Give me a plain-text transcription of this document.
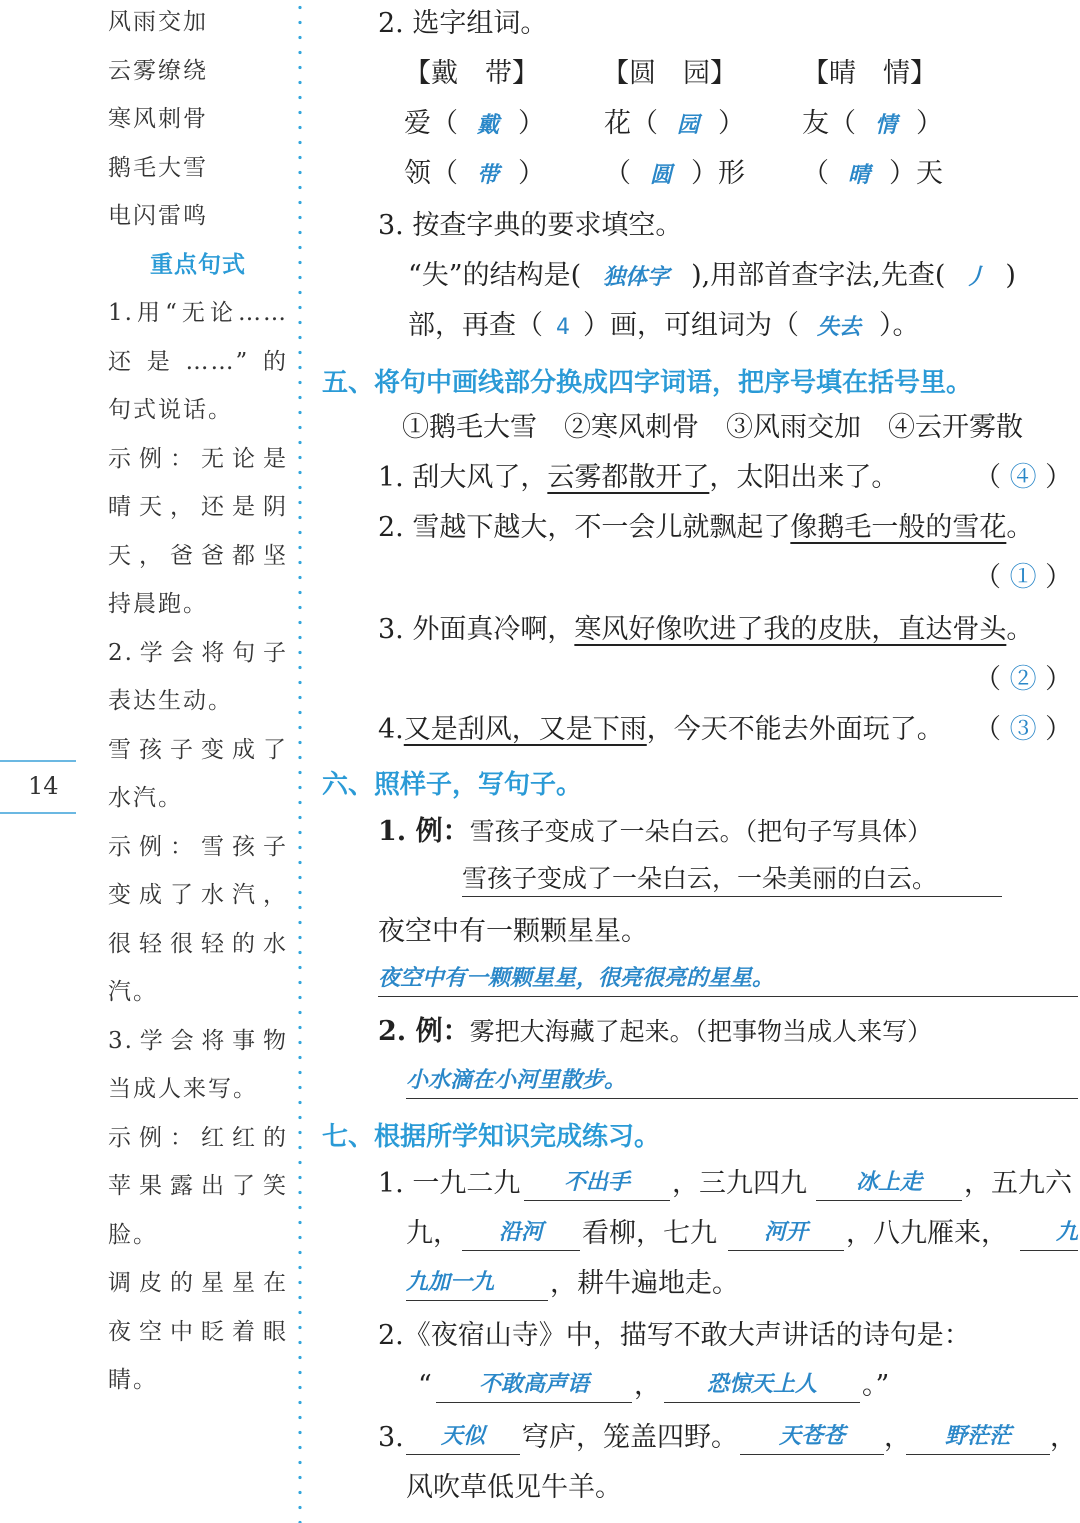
风雨交加
云雾缭绕
寒风刺骨
鹅毛大雪
电闪雷鸣
重点句式
1.用“无论……
还是……”的
句式说话。
示例：无论是
晴天，还是阴
天，爸爸都坚
持晨跑。
2.学会将句子
表达生动。
雪孩子变成了
水汽。
示例：雪孩子
变成了水汽，
很轻很轻的水
汽。
3.学会将事物
当成人来写。
示例：红红的
苹果露出了笑
脸。
调皮的星星在
夜空中眨着眼
睛。
14
2. 选字组词。
【戴　带】 【圆　园】 【晴　情】
爱（ 戴 ） 花（ 园 ） 友（ 情 ）
领（ 带 ） （ 圆 ）形 （ 晴 ）天
3. 按查字典的要求填空。
“失”的结构是( 独体字 ),用部首查字法,先查( 丿 )
部，再查（ 4 ）画，可组词为（ 失去 ）。
五、将句中画线部分换成四字词语，把序号填在括号里。
①鹅毛大雪　②寒风刺骨　③风雨交加　④云开雾散
1. 刮大风了，云雾都散开了，太阳出来了。	（ ④ ）
2. 雪越下越大，不一会儿就飘起了像鹅毛一般的雪花。
（ ① ）
3. 外面真冷啊，寒风好像吹进了我的皮肤，直达骨头。
（ ② ）
4.又是刮风，又是下雨，今天不能去外面玩了。 （ ③ ）
六、照样子，写句子。
1. 例：雪孩子变成了一朵白云。（把句子写具体）
雪孩子变成了一朵白云，一朵美丽的白云。
夜空中有一颗颗星星。
夜空中有一颗颗星星，很亮很亮的星星。
2. 例：雾把大海藏了起来。（把事物当成人来写）
小水滴在小河里散步。
七、根据所学知识完成练习。
1. 一九二九	不出手	，三九四九	冰上走	，五九六
九，	沿河	看柳，七九	河开	，八九雁来，	九
九加一九	，耕牛遍地走。
2.《夜宿山寺》中，描写不敢大声讲话的诗句是：
“	不敢高声语	，	恐惊天上人	。”
3.	天似	穹庐，笼盖四野。	天苍苍	，	野茫茫	，
风吹草低见牛羊。
